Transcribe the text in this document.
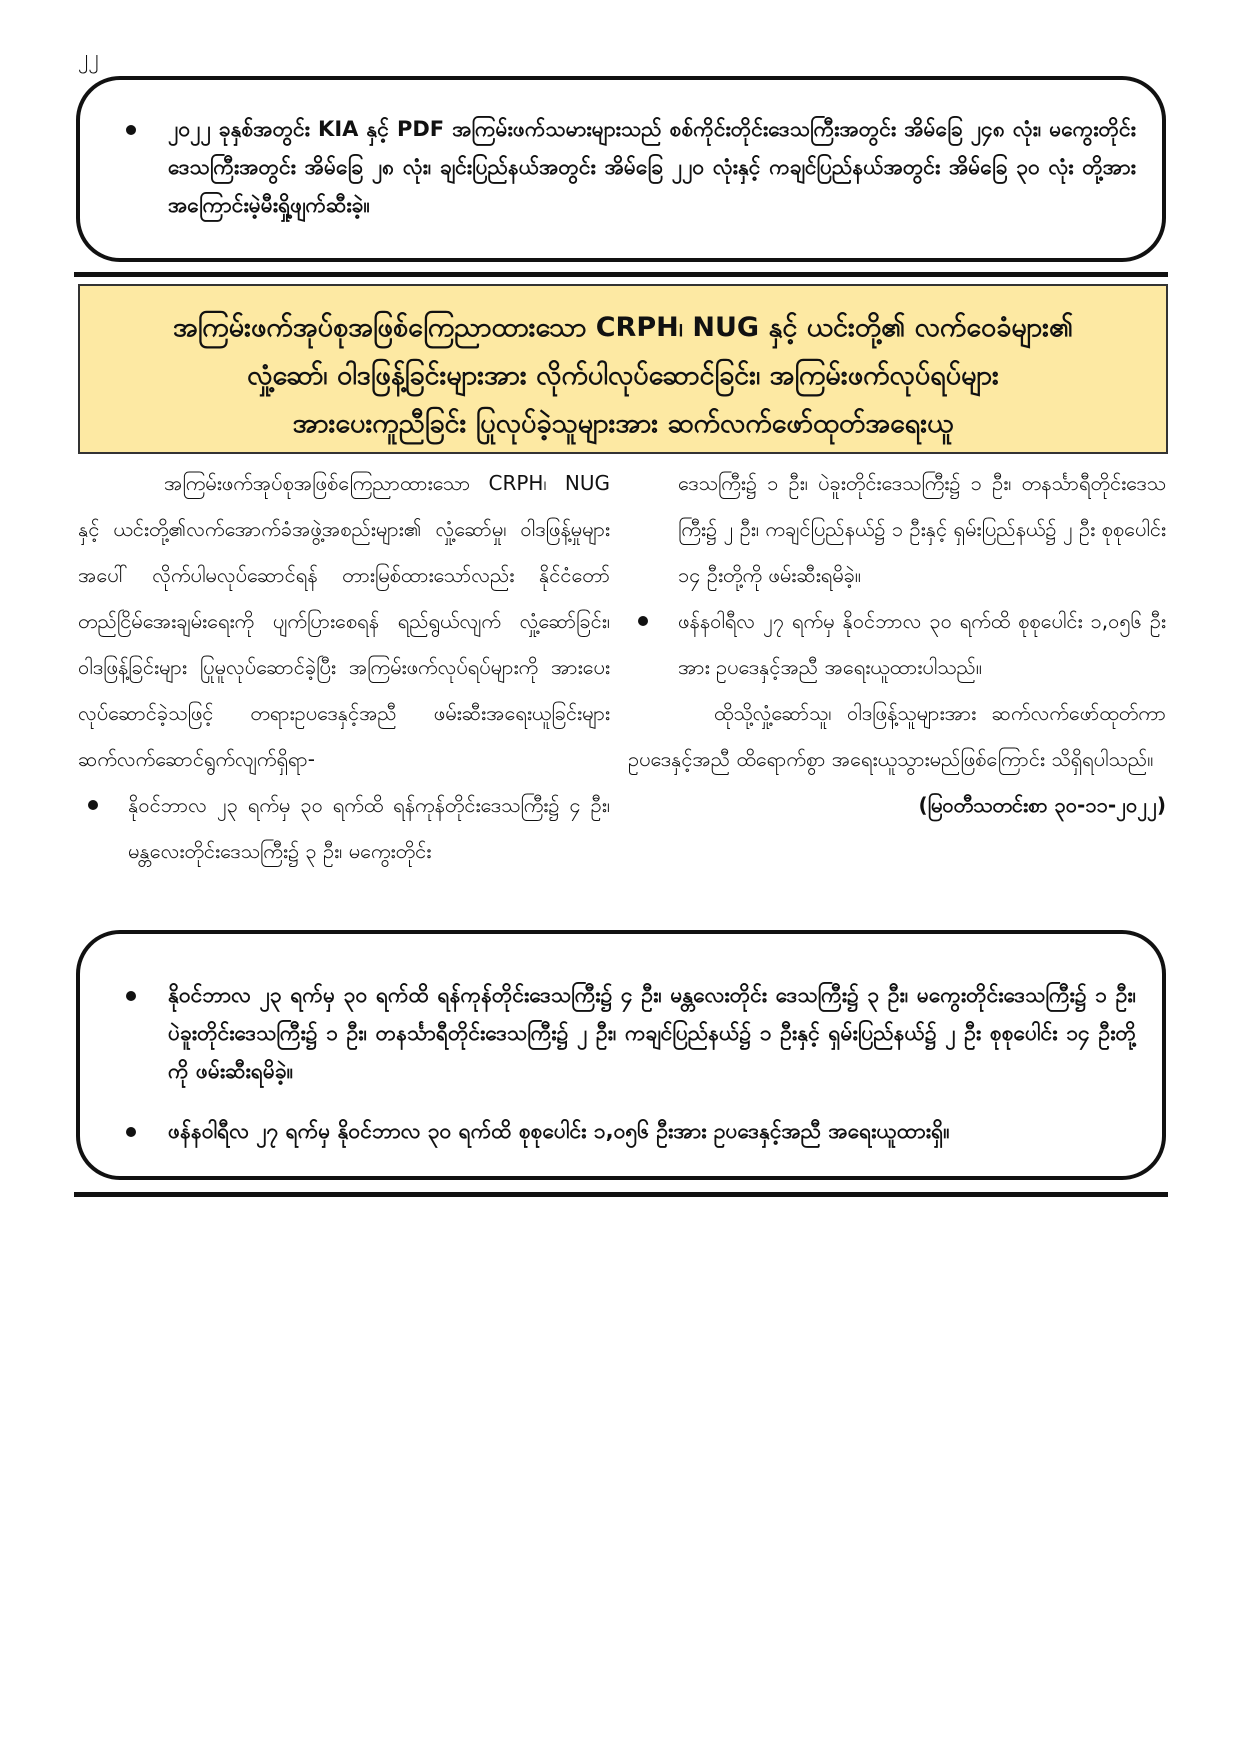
၂၂
၂၀၂၂ ခုနှစ်အတွင်း KIA နှင့် PDF အကြမ်းဖက်သမားများသည် စစ်ကိုင်းတိုင်းဒေသကြီးအတွင်း အိမ်ခြေ ၂၄၈ လုံး၊ မကွေးတိုင်းဒေသကြီးအတွင်း အိမ်ခြေ ၂၈ လုံး၊ ချင်းပြည်နယ်အတွင်း အိမ်ခြေ ၂၂၀ လုံးနှင့် ကချင်ပြည်နယ်အတွင်း အိမ်ခြေ ၃၀ လုံး တို့အား အကြောင်းမဲ့မီးရှို့ဖျက်ဆီးခဲ့။
အကြမ်းဖက်အုပ်စုအဖြစ်ကြေညာထားသော CRPH၊ NUG နှင့် ယင်းတို့၏ လက်ဝေခံများ၏
လှုံ့ဆော်၊ ဝါဒဖြန့်ခြင်းများအား လိုက်ပါလုပ်ဆောင်ခြင်း၊ အကြမ်းဖက်လုပ်ရပ်များ
အားပေးကူညီခြင်း ပြုလုပ်ခဲ့သူများအား ဆက်လက်ဖော်ထုတ်အရေးယူ

အကြမ်းဖက်အုပ်စုအဖြစ်ကြေညာထားသော CRPH၊ NUG နှင့် ယင်းတို့၏လက်အောက်ခံအဖွဲ့အစည်းများ၏ လှုံ့ဆော်မှု၊ ဝါဒဖြန့်မှုများအပေါ် လိုက်ပါမလုပ်ဆောင်ရန် တားမြစ်ထားသော်လည်း နိုင်ငံတော်တည်ငြိမ်အေးချမ်းရေးကို ပျက်ပြားစေရန် ရည်ရွယ်လျက် လှုံ့ဆော်ခြင်း၊ ဝါဒဖြန့်ခြင်းများ ပြုမူလုပ်ဆောင်ခဲ့ပြီး အကြမ်းဖက်လုပ်ရပ်များကို အားပေးလုပ်ဆောင်ခဲ့သဖြင့် တရားဥပဒေနှင့်အညီ ဖမ်းဆီးအရေးယူခြင်းများ ဆက်လက်ဆောင်ရွက်လျက်ရှိရာ-

နိုဝင်ဘာလ ၂၃ ရက်မှ ၃၀ ရက်ထိ ရန်ကုန်တိုင်းဒေသကြီး၌ ၄ ဦး၊ မန္တလေးတိုင်းဒေသကြီး၌ ၃ ဦး၊ မကွေးတိုင်း

ဒေသကြီး၌ ၁ ဦး၊ ပဲခူးတိုင်းဒေသကြီး၌ ၁ ဦး၊ တနင်္သာရီတိုင်းဒေသကြီး၌ ၂ ဦး၊ ကချင်ပြည်နယ်၌ ၁ ဦးနှင့် ရှမ်းပြည်နယ်၌ ၂ ဦး စုစုပေါင်း ၁၄ ဦးတို့ကို ဖမ်းဆီးရမိခဲ့။

ဖန်နဝါရီလ ၂၇ ရက်မှ နိုဝင်ဘာလ ၃၀ ရက်ထိ စုစုပေါင်း ၁,၀၅၆ ဦးအား ဥပဒေနှင့်အညီ အရေးယူထားပါသည်။

ထိုသို့လှုံ့ဆော်သူ၊ ဝါဒဖြန့်သူများအား ဆက်လက်ဖော်ထုတ်ကာ ဥပဒေနှင့်အညီ ထိရောက်စွာ အရေးယူသွားမည်ဖြစ်ကြောင်း သိရှိရပါသည်။

(မြဝတီသတင်းစာ ၃၀-၁၁-၂၀၂၂)

နိုဝင်ဘာလ ၂၃ ရက်မှ ၃၀ ရက်ထိ ရန်ကုန်တိုင်းဒေသကြီး၌ ၄ ဦး၊ မန္တလေးတိုင်း ဒေသကြီး၌ ၃ ဦး၊ မကွေးတိုင်းဒေသကြီး၌ ၁ ဦး၊ ပဲခူးတိုင်းဒေသကြီး၌ ၁ ဦး၊ တနင်္သာရီတိုင်းဒေသကြီး၌ ၂ ဦး၊ ကချင်ပြည်နယ်၌ ၁ ဦးနှင့် ရှမ်းပြည်နယ်၌ ၂ ဦး စုစုပေါင်း ၁၄ ဦးတို့ကို ဖမ်းဆီးရမိခဲ့။
ဖန်နဝါရီလ ၂၇ ရက်မှ နိုဝင်ဘာလ ၃၀ ရက်ထိ စုစုပေါင်း ၁,၀၅၆ ဦးအား ဥပဒေနှင့်အညီ အရေးယူထားရှိ။
